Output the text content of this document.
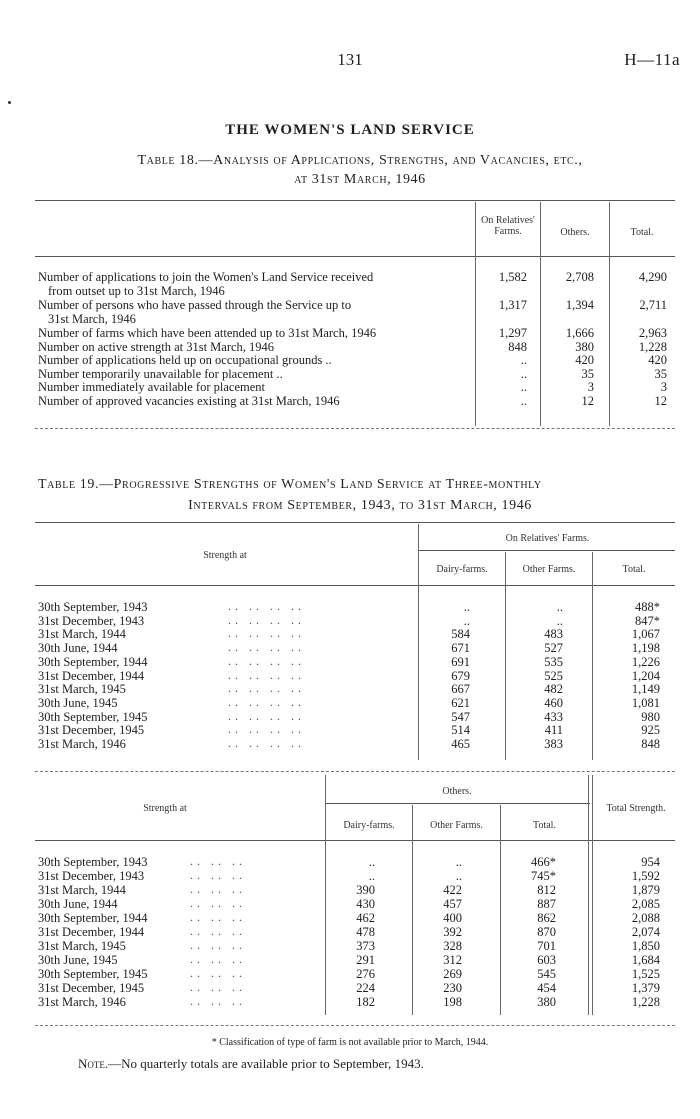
131	H—11a
THE WOMEN'S LAND SERVICE
Table 18.—Analysis of Applications, Strengths, and Vacancies, etc.,
at 31st March, 1946
On Relatives' Farms.	Others.	Total.
Number of applications to join the Women's Land Service received
from outset up to 31st March, 1946
1,582	2,708	4,290
Number of persons who have passed through the Service up to
31st March, 1946
1,317	1,394	2,711
Number of farms which have been attended up to 31st March, 1946	1,297	1,666	2,963
Number on active strength at 31st March, 1946	848	380	1,228
Number of applications held up on occupational grounds ..	..	420	420
Number temporarily unavailable for placement ..	..	35	35
Number immediately available for placement	..	3	3
Number of approved vacancies existing at 31st March, 1946	..	12	12
Table 19.—Progressive Strengths of Women's Land Service at Three-monthly
Intervals from September, 1943, to 31st March, 1946
Strength at
On Relatives' Farms.
Dairy-farms.	Other Farms.	Total.
30th September, 1943	.. .. .. ..	..	..	488*
31st December, 1943	.. .. .. ..	..	..	847*
31st March, 1944	.. .. .. ..	584	483	1,067
30th June, 1944	.. .. .. ..	671	527	1,198
30th September, 1944	.. .. .. ..	691	535	1,226
31st December, 1944	.. .. .. ..	679	525	1,204
31st March, 1945	.. .. .. ..	667	482	1,149
30th June, 1945	.. .. .. ..	621	460	1,081
30th September, 1945	.. .. .. ..	547	433	980
31st December, 1945	.. .. .. ..	514	411	925
31st March, 1946	.. .. .. ..	465	383	848
Strength at
Others.
Dairy-farms.	Other Farms.	Total.
Total Strength.
30th September, 1943	.. .. ..	..	..	466*	954
31st December, 1943	.. .. ..	..	..	745*	1,592
31st March, 1944	.. .. ..	390	422	812	1,879
30th June, 1944	.. .. ..	430	457	887	2,085
30th September, 1944	.. .. ..	462	400	862	2,088
31st December, 1944	.. .. ..	478	392	870	2,074
31st March, 1945	.. .. ..	373	328	701	1,850
30th June, 1945	.. .. ..	291	312	603	1,684
30th September, 1945	.. .. ..	276	269	545	1,525
31st December, 1945	.. .. ..	224	230	454	1,379
31st March, 1946	.. .. ..	182	198	380	1,228
* Classification of type of farm is not available prior to March, 1944.
Note.—No quarterly totals are available prior to September, 1943.
